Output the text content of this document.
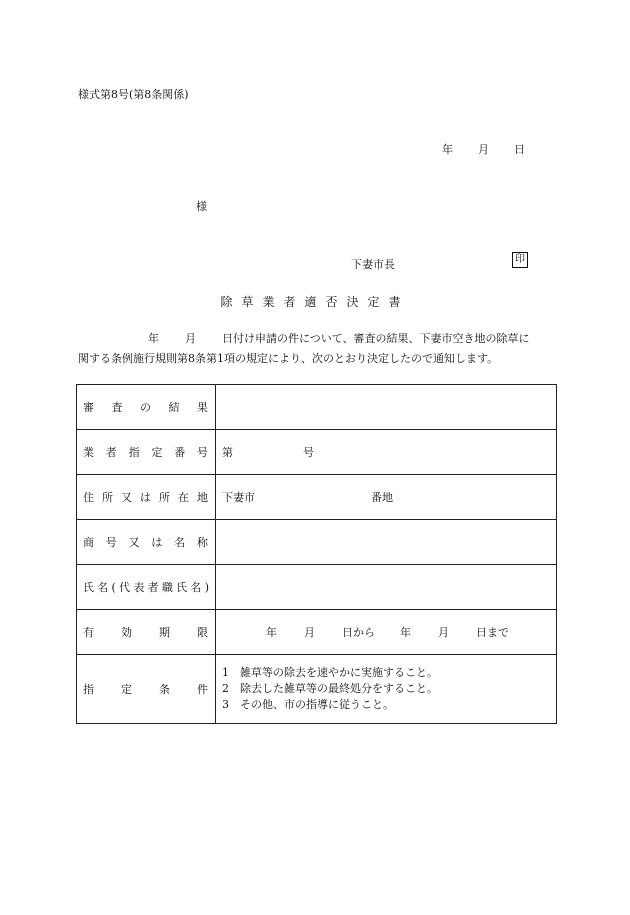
様式第8号(第8条関係)
年 月 日
様
下妻市長	印
除草業者適否決定書
年 月 日付け申請の件について、審査の結果、下妻市空き地の除草に
関する条例施行規則第8条第1項の規定により、次のとおり決定したので通知します。
審査の結果	
業者指定番号	第 号
住所又は所在地	下妻市 番地
商号又は名称	
氏名(代表者職氏名)	
有効期限	年 月 日から 年 月 日まで
指定条件	1　雑草等の除去を速やかに実施すること。
2　除去した雑草等の最終処分をすること。
3　その他、市の指導に従うこと。
